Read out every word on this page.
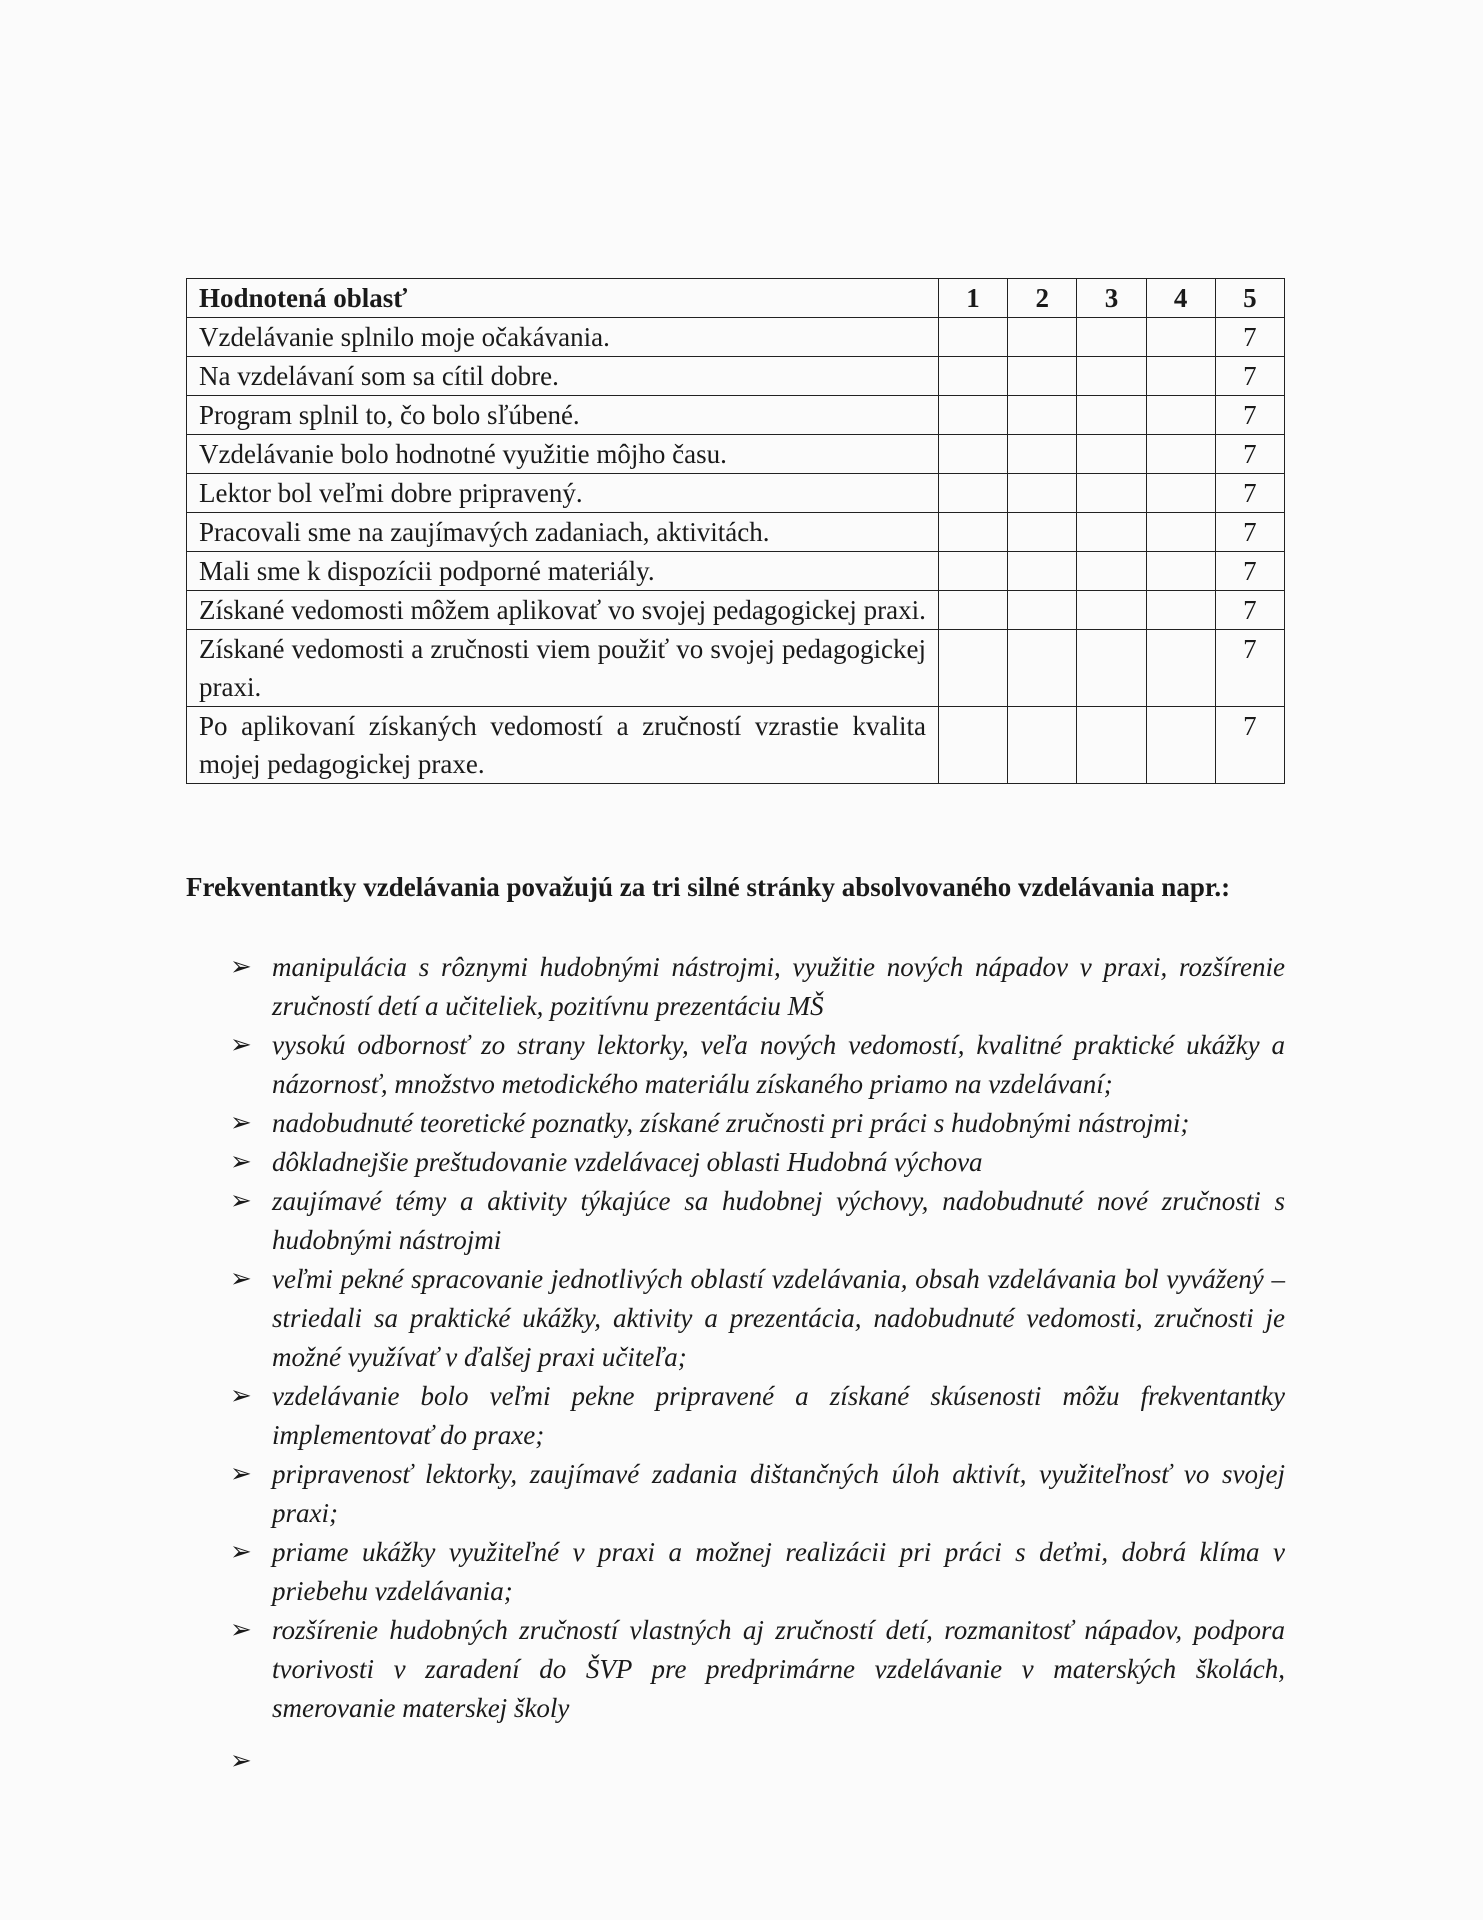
Hodnotená oblasť	1	2	3	4	5
Vzdelávanie splnilo moje očakávania.					7
Na vzdelávaní som sa cítil dobre.					7
Program splnil to, čo bolo sľúbené.					7
Vzdelávanie bolo hodnotné využitie môjho času.					7
Lektor bol veľmi dobre pripravený.					7
Pracovali sme na zaujímavých zadaniach, aktivitách.					7
Mali sme k dispozícii podporné materiály.					7
Získané vedomosti môžem aplikovať vo svojej pedagogickej praxi.					7
Získané vedomosti a zručnosti viem použiť vo svojej pedagogickej praxi.					7
Po aplikovaní získaných vedomostí a zručností vzrastie kvalita mojej pedagogickej praxe.					7

Frekventantky vzdelávania považujú za tri silné stránky absolvovaného vzdelávania napr.:

➢ manipulácia s rôznymi hudobnými nástrojmi, využitie nových nápadov v praxi, rozšírenie zručností detí a učiteliek, pozitívnu prezentáciu MŠ
➢ vysokú odbornosť zo strany lektorky, veľa nových vedomostí, kvalitné praktické ukážky a názornosť, množstvo metodického materiálu získaného priamo na vzdelávaní;
➢ nadobudnuté teoretické poznatky, získané zručnosti pri práci s hudobnými nástrojmi;
➢ dôkladnejšie preštudovanie vzdelávacej oblasti Hudobná výchova
➢ zaujímavé témy a aktivity týkajúce sa hudobnej výchovy, nadobudnuté nové zručnosti s hudobnými nástrojmi
➢ veľmi pekné spracovanie jednotlivých oblastí vzdelávania, obsah vzdelávania bol vyvážený – striedali sa praktické ukážky, aktivity a prezentácia, nadobudnuté vedomosti, zručnosti je možné využívať v ďalšej praxi učiteľa;
➢ vzdelávanie bolo veľmi pekne pripravené a získané skúsenosti môžu frekventantky implementovať do praxe;
➢ pripravenosť lektorky, zaujímavé zadania dištančných úloh aktivít, využiteľnosť vo svojej praxi;
➢ priame ukážky využiteľné v praxi a možnej realizácii pri práci s deťmi, dobrá klíma v priebehu vzdelávania;
➢ rozšírenie hudobných zručností vlastných aj zručností detí, rozmanitosť nápadov, podpora tvorivosti v zaradení do ŠVP pre predprimárne vzdelávanie v materských školách, smerovanie materskej školy
➢
